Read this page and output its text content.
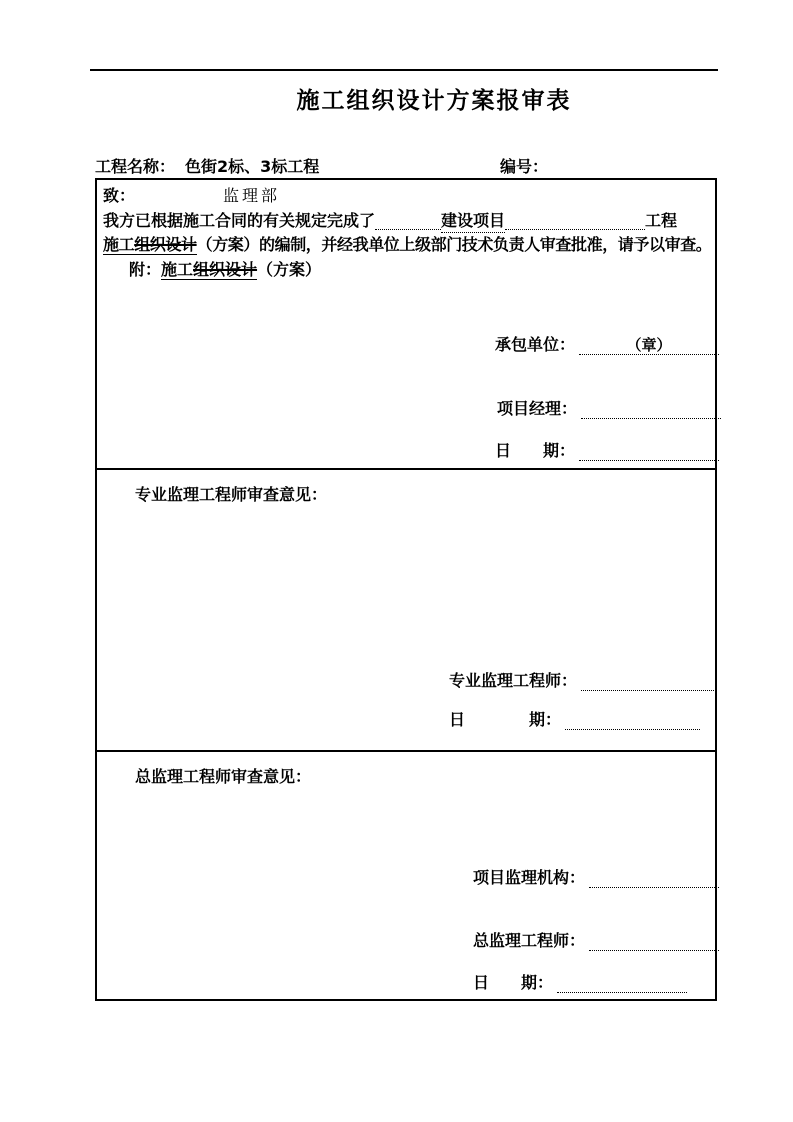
施工组织设计方案报审表
工程名称： 色街2标、3标工程	编号：
致：	监理部
我方已根据施工合同的有关规定完成了	建设项目	工程
施工组织设计（方案）的编制，并经我单位上级部门技术负责人审查批准，请予以审查。
附：施工组织设计（方案）
承包单位：	（章）
项目经理：
日　　期：
专业监理工程师审查意见：
专业监理工程师：
日　　　　期：
总监理工程师审查意见：
项目监理机构：
总监理工程师：
日　　期：
